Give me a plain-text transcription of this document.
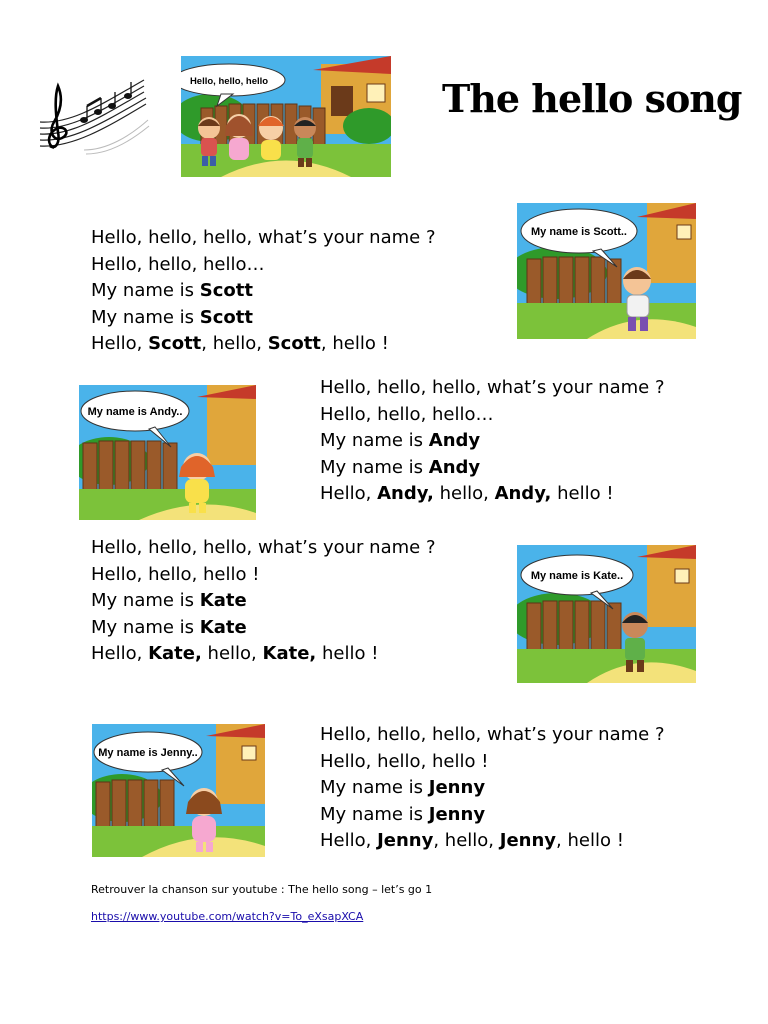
Hello, hello, hello	The hello song
Hello, hello, hello, what’s your name ?
Hello, hello, hello…
My name is Scott
My name is Scott
Hello, Scott, hello, Scott, hello !
Hello, hello, hello, what’s your name ?
Hello, hello, hello…
My name is Andy
My name is Andy
Hello, Andy, hello, Andy, hello !
Hello, hello, hello, what’s your name ?
Hello, hello, hello !
My name is Kate
My name is Kate
Hello, Kate, hello, Kate, hello !
Hello, hello, hello, what’s your name ?
Hello, hello, hello !
My name is Jenny
My name is Jenny
Hello, Jenny, hello, Jenny, hello !
My name is Scott..
My name is Andy..
My name is Kate..
My name is Jenny..
Retrouver la chanson sur youtube : The hello song – let’s go 1
https://www.youtube.com/watch?v=To_eXsapXCA
